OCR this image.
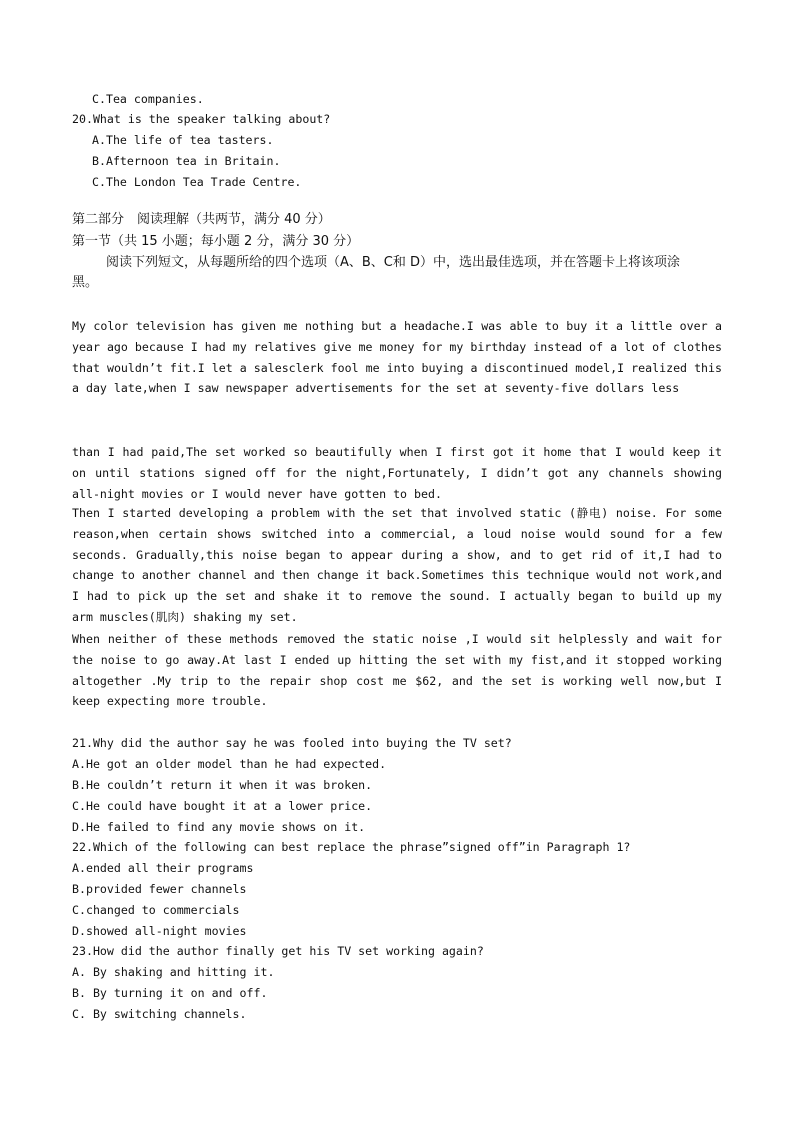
C.Tea companies.
20.What is the speaker talking about?
A.The life of tea tasters.
B.Afternoon tea in Britain.
C.The London Tea Trade Centre.
第二部分　阅读理解（共两节，满分 40 分）
第一节（共 15 小题；每小题 2 分，满分 30 分）
阅读下列短文，从每题所给的四个选项（A、B、C和 D）中，选出最佳选项，并在答题卡上将该项涂
黑。
My color television has given me nothing but a headache.I was able to buy it a little over a year ago because I had my relatives give me money for my birthday instead of a lot of clothes that wouldn’t fit.I let a salesclerk fool me into buying a discontinued model,I realized this a day late,when I saw newspaper advertisements for the set at seventy-five dollars less
than I had paid,The set worked so beautifully when I first got it home that I would keep it on until stations signed off for the night,Fortunately, I didn’t got any channels showing all-night movies or I would never have gotten to bed.
Then I started developing a problem with the set that involved static (静电) noise. For some reason,when certain shows switched into a commercial, a loud noise would sound for a few seconds. Gradually,this noise began to appear during a show, and to get rid of it,I had to change to another channel and then change it back.Sometimes this technique would not work,and I had to pick up the set and shake it to remove the sound. I actually began to build up my arm muscles(肌肉) shaking my set.
When neither of these methods removed the static noise ,I would sit helplessly and wait for the noise to go away.At last I ended up hitting the set with my fist,and it stopped working altogether .My trip to the repair shop cost me $62, and the set is working well now,but I keep expecting more trouble.
21.Why did the author say he was fooled into buying the TV set?
A.He got an older model than he had expected.
B.He couldn’t return it when it was broken.
C.He could have bought it at a lower price.
D.He failed to find any movie shows on it.
22.Which of the following can best replace the phrase”signed off”in Paragraph 1?
A.ended all their programs
B.provided fewer channels
C.changed to commercials
D.showed all-night movies
23.How did the author finally get his TV set working again?
A. By shaking and hitting it.
B. By turning it on and off.
C. By switching channels.
